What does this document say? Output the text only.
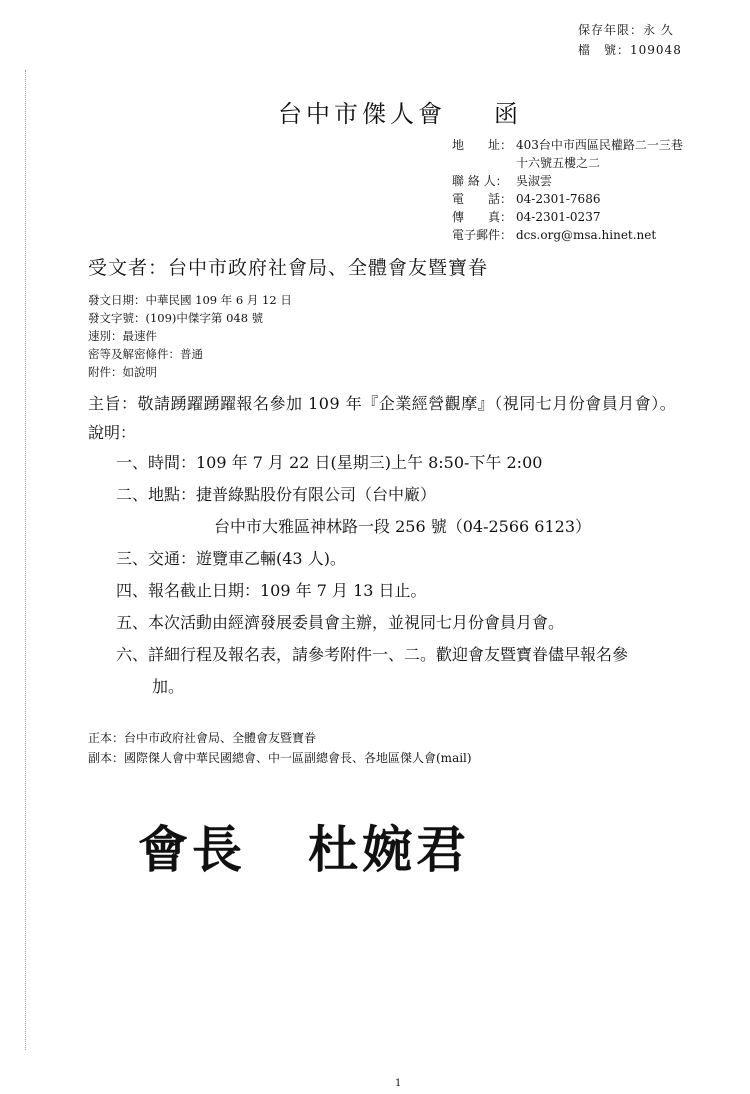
保存年限：永 久
檔　號：109048
台中市傑人會 函
地　　址： 403台中市西區民權路二一三巷
十六號五樓之二
聯 絡 人： 吳淑雲
電　　話： 04-2301-7686
傳　　真： 04-2301-0237
電子郵件： dcs.org@msa.hinet.net
受文者：台中市政府社會局、全體會友暨寶眷
發文日期：中華民國 109 年 6 月 12 日
發文字號：(109)中傑字第 048 號
速別：最速件
密等及解密條件：普通
附件：如說明
主旨：敬請踴躍踴躍報名參加 109 年『企業經營觀摩』（視同七月份會員月會）。
說明：
一、時間：109 年 7 月 22 日(星期三)上午 8:50-下午 2:00
二、地點：捷普綠點股份有限公司（台中廠）
台中市大雅區神林路一段 256 號（04-2566 6123）
三、交通：遊覽車乙輛(43 人)。
四、報名截止日期：109 年 7 月 13 日止。
五、本次活動由經濟發展委員會主辦，並視同七月份會員月會。
六、詳細行程及報名表，請參考附件一、二。歡迎會友暨寶眷儘早報名參
加。
正本：台中市政府社會局、全體會友暨寶眷
副本：國際傑人會中華民國總會、中一區副總會長、各地區傑人會(mail)
會長 杜婉君
1
